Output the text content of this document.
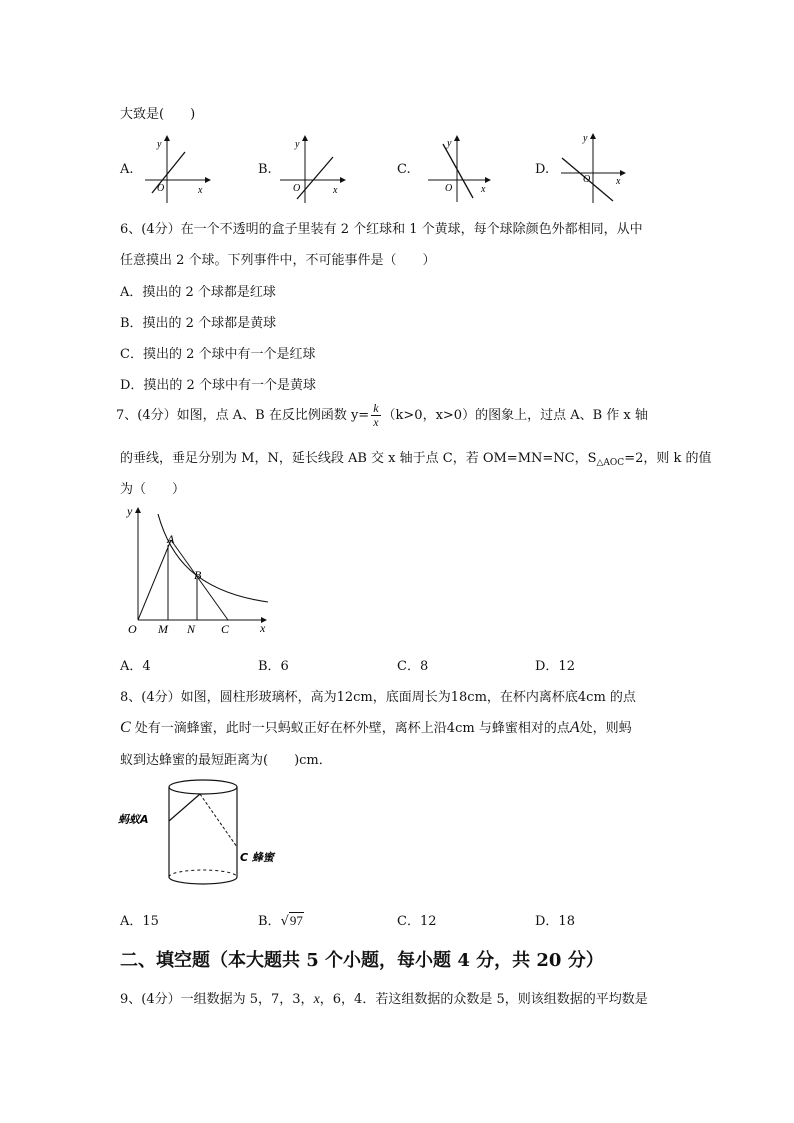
大致是(　　)
A.
y
x
O
B.
y
x
O
C.
y
x
O
D.
y
x
O
6、(4分）在一个不透明的盒子里装有 2 个红球和 1 个黄球，每个球除颜色外都相同，从中
任意摸出 2 个球。下列事件中，不可能事件是（　　）
A．摸出的 2 个球都是红球
B．摸出的 2 个球都是黄球
C．摸出的 2 个球中有一个是红球
D．摸出的 2 个球中有一个是黄球
7、(4分）如图，点 A、B 在反比例函数 $y= \frac{k}{x} (k>0$，x>0）的图象上，过点 A、B 作 x 轴
的垂线，垂足分别为 M，N，延长线段 AB 交 x 轴于点 C，若 OM=MN=NC，$S_{\triangle AOC}=2$，则 k 的值
为（　　）
y
x
A
B
O M N C
A．4	B．6	C．8	D．12
8、(4分）如图，圆柱形玻璃杯，高为12cm，底面周长为18cm，在杯内离杯底4cm 的点
C 处有一滴蜂蜜，此时一只蚂蚁正好在杯外壁，离杯上沿4cm 与蜂蜜相对的点A处，则蚂
蚁到达蜂蜜的最短距离为(　　)cm．
蚂蚁A
C 蜂蜜
A．15	B．√97	C．12	D．18
二、填空题（本大题共 5 个小题，每小题 4 分，共 20 分）
9、(4分）一组数据为 5，7，3，x，6，4．若这组数据的众数是 5，则该组数据的平均数是
